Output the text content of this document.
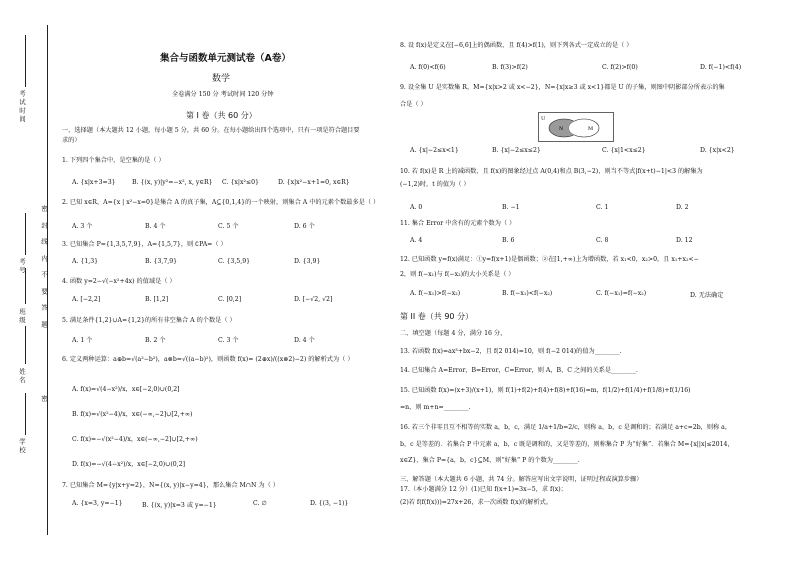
考试时间
密
封
线
内
不
要
答
题
考号
班级
姓名
密
学校
集合与函数单元测试卷（A卷）
数学
全卷满分 150 分 考试时间 120 分钟
第 I 卷（共 60 分）
一、选择题（本大题共 12 小题，每小题 5 分，共 60 分。在每小题给出四个选项中，只有一项是符合题目要
求的）
1. 下列四个集合中，是空集的是（ ）
A. {x|x+3=3}	B. {(x, y)|y²=−x², x, y∈R} C. {x|x²≤0}	D. {x|x²−x+1=0, x∈R}
2. 已知 x∈R，A={x | x²−x=0}是集合 A 的真子集，A⊆{0,1,4}的一个映射，则集合 A 中的元素个数最多是（ ）
A. 3 个	B. 4 个	C. 5 个	D. 6 个
3. 已知集合 P={1,3,5,7,9}，A={1,5,7}，则 ∁PA=（ ）
A. {1,3}	B. {3,7,9}	C. {3,5,9}	D. {3,9}
4. 函数 y=2−√(−x²+4x) 的值域是（ ）
A. [−2,2]	B. [1,2]	C. [0,2]	D. [−√2, √2]
5. 满足条件{1,2}∪A={1,2}的所有非空集合 A 的个数是（ ）
A. 1 个	B. 2 个	C. 3 个	D. 4 个
6. 定义两种运算：a⊕b=√(a²−b²)，a⊗b=√((a−b)²)，则函数 f(x)= (2⊕x)/((x⊗2)−2) 的解析式为（ ）
A. f(x)=√(4−x²)/x，x∈[−2,0)∪(0,2]
B. f(x)=√(x²−4)/x，x∈(−∞,−2]∪[2,+∞)
C. f(x)=−√(x²−4)/x，x∈(−∞,−2]∪[2,+∞)
D. f(x)=−√(4−x²)/x，x∈[−2,0)∪(0,2]
7. 已知集合 M={y|x+y=2}，N={(x, y)|x−y=4}，那么集合 M∩N 为（ ）
A. {x=3, y=−1}	B. {(x, y)|x=3 或 y=−1}	C. ∅	D. {(3, −1)}
8. 设 f(x)是定义在[−6,6]上的偶函数，且 f(4)>f(1)，则下列各式一定成立的是（ ）
A. f(0)<f(6)	B. f(3)>f(2)	C. f(2)>f(0)	D. f(−1)<f(4)
9. 设全集 U 是实数集 R，M={x|x>2 或 x<−2}，N={x|x≥3 或 x<1}都是 U 的子集，则图中阴影部分所表示的集
合是（ ）
U
N	M
A. {x|−2≤x<1}	B. {x|−2≤x≤2}	C. {x|1<x≤2}	D. {x|x<2}
10. 若 f(x)是 R 上的减函数，且 f(x)的图象经过点 A(0,4)和点 B(3,−2)，则当不等式|f(x+t)−1|<3 的解集为
(−1,2)时，t 的值为（ ）
A. 0	B. −1	C. 1	D. 2
11. 集合 Error 中含有的元素个数为（ ）
A. 4	B. 6	C. 8	D. 12
12. 已知函数 y=f(x)满足：①y=f(x+1)是偶函数；②在[1,+∞)上为增函数，若 x₁<0，x₂>0，且 x₁+x₂<−
2，则 f(−x₁)与 f(−x₂)的大小关系是（ ）
A. f(−x₁)>f(−x₂)	B. f(−x₁)<f(−x₂)	C. f(−x₁)=f(−x₂)	D. 无法确定
第 II 卷（共 90 分）
二、填空题（每题 4 分，满分 16 分，
13. 若函数 f(x)=ax³+bx−2，且 f(2 014)=10，则 f(−2 014)的值为________.
14. 已知集合 A=Error，B=Error，C=Error，则 A，B，C 之间的关系是________.
15. 已知函数 f(x)=(x+3)/(x+1)，则 f(1)+f(2)+f(4)+f(8)+f(16)=m，f(1/2)+f(1/4)+f(1/8)+f(1/16)
=n，则 m+n=________.
16. 若三个非零且互不相等的实数 a，b，c，满足 1/a+1/b=2/c，则称 a，b，c 是调和的；若满足 a+c=2b，则称 a，
b，c 是等差的．若集合 P 中元素 a，b，c 既是调和的，又是等差的，则称集合 P 为“好集”．若集合 M={x||x|≤2014，
x∈Z}，集合 P={a，b，c}⊆M，则“好集” P 的个数为________.
三、解答题（本大题共 6 小题，共 74 分。解答应写出文字说明，证明过程或演算步骤）
17.（本小题满分 12 分）(1)已知 f(x+1)=3x−5，求 f(x)；
(2)若 f(f(f(x)))=27x+26，求一次函数 f(x)的解析式。
